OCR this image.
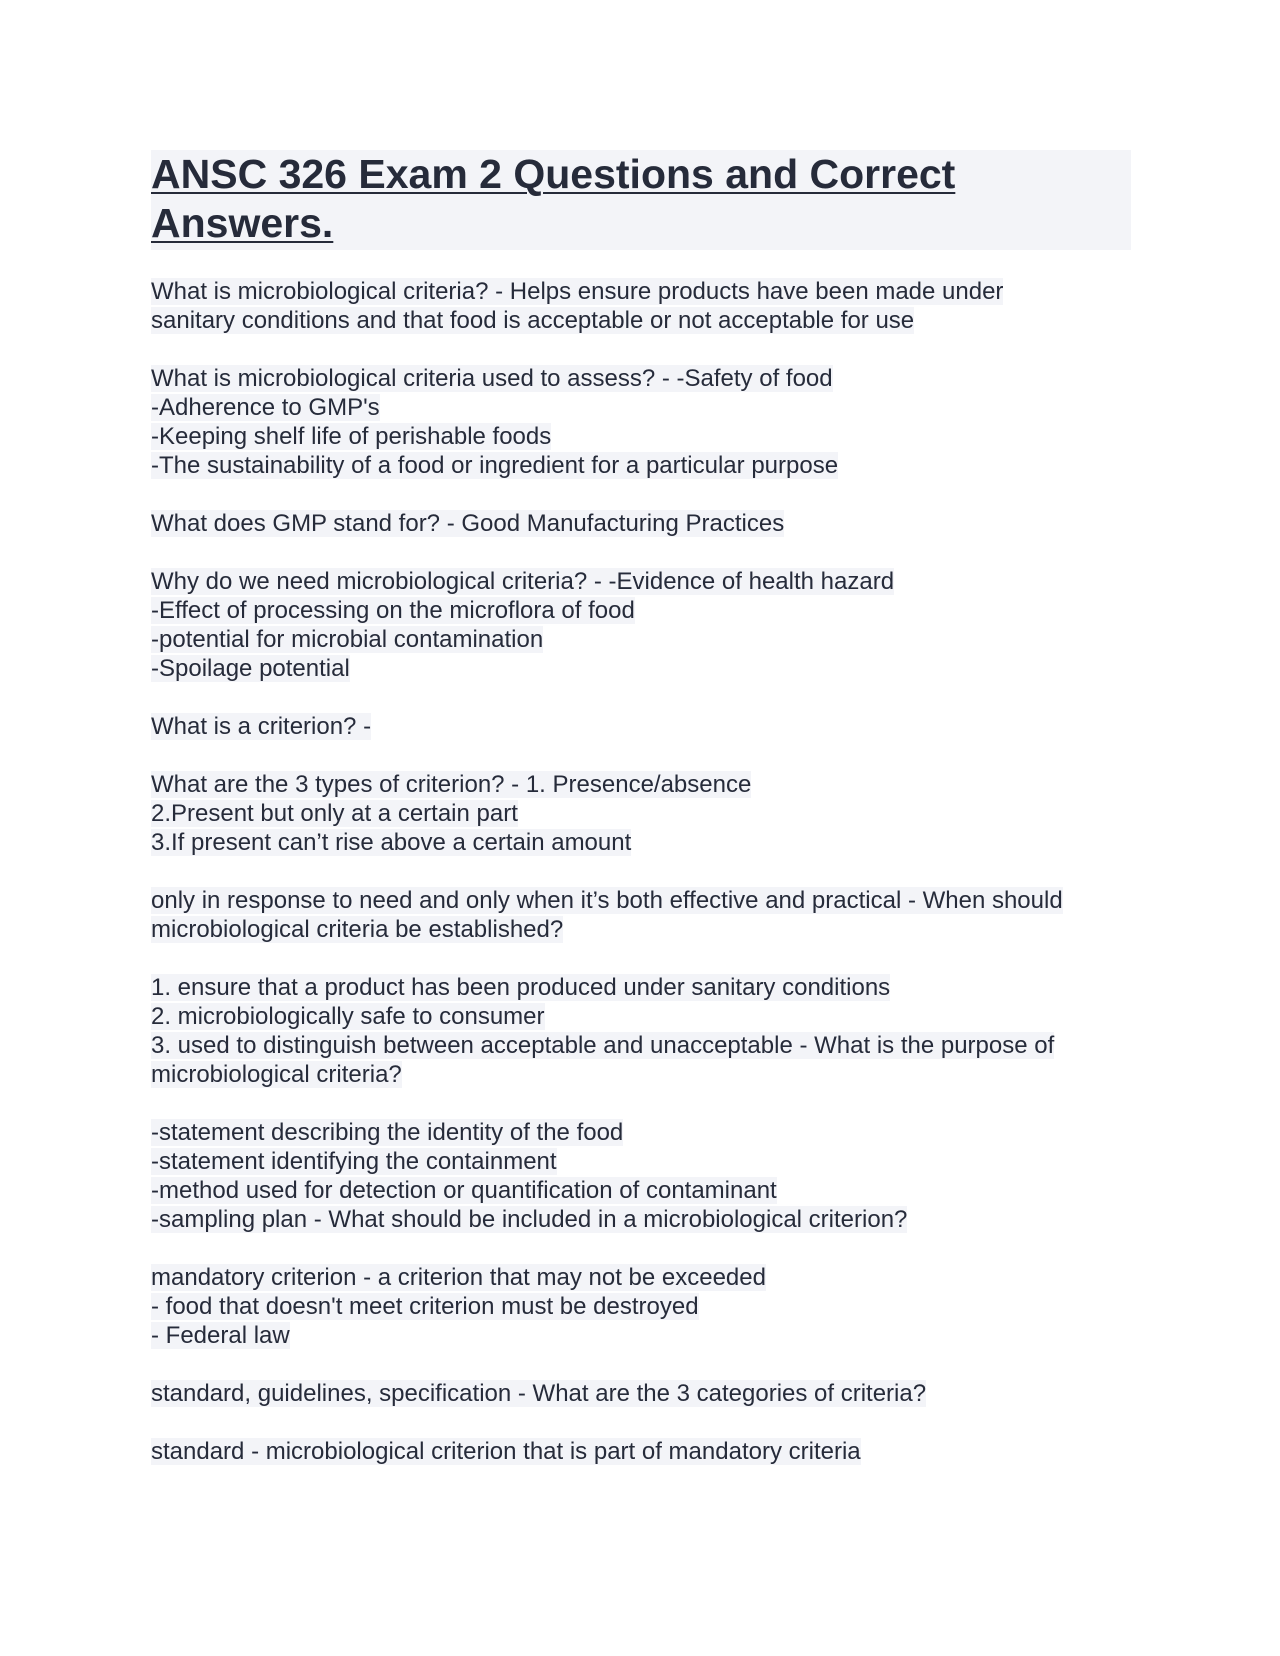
ANSC 326 Exam 2 Questions and Correct Answers.
What is microbiological criteria? - Helps ensure products have been made under
sanitary conditions and that food is acceptable or not acceptable for use
What is microbiological criteria used to assess? - -Safety of food
-Adherence to GMP's
-Keeping shelf life of perishable foods
-The sustainability of a food or ingredient for a particular purpose
What does GMP stand for? - Good Manufacturing Practices
Why do we need microbiological criteria? - -Evidence of health hazard
-Effect of processing on the microflora of food
-potential for microbial contamination
-Spoilage potential
What is a criterion? -
What are the 3 types of criterion? - 1. Presence/absence
2.Present but only at a certain part
3.If present can’t rise above a certain amount
only in response to need and only when it’s both effective and practical - When should
microbiological criteria be established?
1. ensure that a product has been produced under sanitary conditions
2. microbiologically safe to consumer
3. used to distinguish between acceptable and unacceptable - What is the purpose of
microbiological criteria?
-statement describing the identity of the food
-statement identifying the containment
-method used for detection or quantification of contaminant
-sampling plan - What should be included in a microbiological criterion?
mandatory criterion - a criterion that may not be exceeded
- food that doesn't meet criterion must be destroyed
- Federal law
standard, guidelines, specification - What are the 3 categories of criteria?
standard - microbiological criterion that is part of mandatory criteria
